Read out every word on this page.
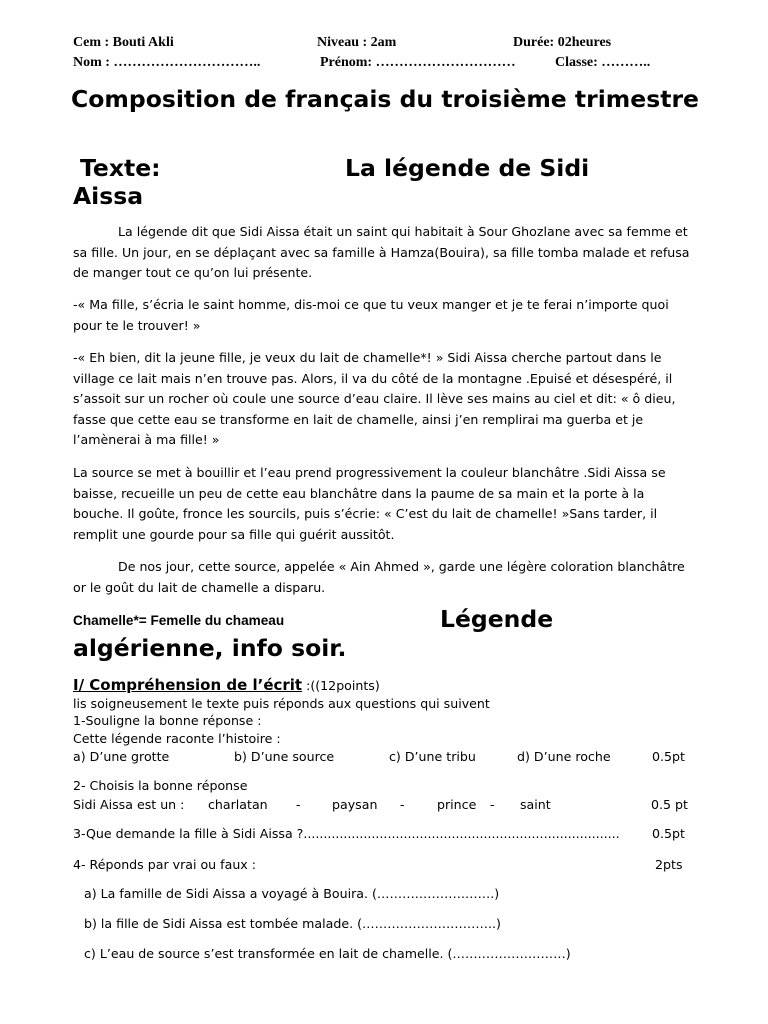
Cem : Bouti Akli	Niveau : 2am	Durée: 02heures
Nom : …………………………..	Prénom: …………………………	Classe: ………..
Composition de français du troisième trimestre
Texte:	La légende de Sidi
Aissa
La légende dit que Sidi Aissa était un saint qui habitait à Sour Ghozlane avec sa femme et sa fille. Un jour, en se déplaçant avec sa famille à Hamza(Bouira), sa fille tomba malade et refusa de manger tout ce qu’on lui présente.
-« Ma fille, s’écria le saint homme, dis-moi ce que tu veux manger et je te ferai n’importe quoi pour te le trouver! »
-« Eh bien, dit la jeune fille, je veux du lait de chamelle*! » Sidi Aissa cherche partout dans le village ce lait mais n’en trouve pas. Alors, il va du côté de la montagne .Epuisé et désespéré, il s’assoit sur un rocher où coule une source d’eau claire. Il lève ses mains au ciel et dit: « ô dieu, fasse que cette eau se transforme en lait de chamelle, ainsi j’en remplirai ma guerba et je l’amènerai à ma fille! »
La source se met à bouillir et l’eau prend progressivement la couleur blanchâtre .Sidi Aissa se baisse, recueille un peu de cette eau blanchâtre dans la paume de sa main et la porte à la bouche. Il goûte, fronce les sourcils, puis s’écrie: « C’est du lait de chamelle! »Sans tarder, il remplit une gourde pour sa fille qui guérit aussitôt.
De nos jour, cette source, appelée « Ain Ahmed », garde une légère coloration blanchâtre or le goût du lait de chamelle a disparu.
Chamelle*= Femelle du chameau	Légende
algérienne, info soir.
I/ Compréhension de l’écrit :((12points)
lis soigneusement le texte puis réponds aux questions qui suivent
1-Souligne la bonne réponse :
Cette légende raconte l’histoire :
a) D’une grotte	b) D’une source	c) D’une tribu	d) D’une roche	0.5pt
2- Choisis la bonne réponse
Sidi Aissa est un : charlatan - paysan -	prince - saint	0.5 pt
3-Que demande la fille à Sidi Aissa ?...............................................................................	0.5pt
4- Réponds par vrai ou faux :	2pts
a) La famille de Sidi Aissa a voyagé à Bouira. (……………………….)
b) la fille de Sidi Aissa est tombée malade. (…………………………..)
c) L’eau de source s’est transformée en lait de chamelle. (………………………)
